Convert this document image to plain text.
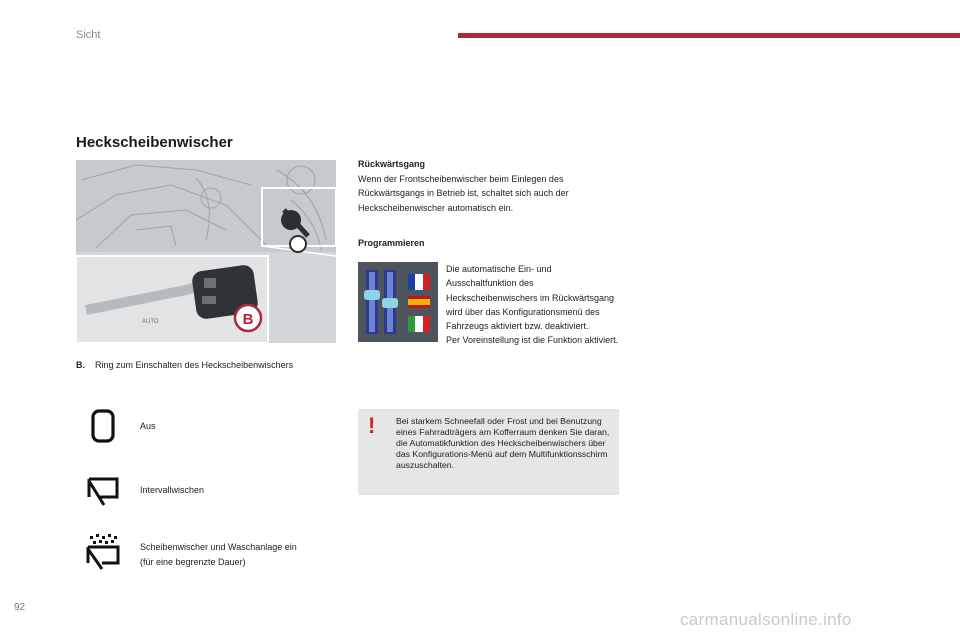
Sicht
Heckscheibenwischer
AUTO	B
B. Ring zum Einschalten des Heckscheibenwischers
Aus
Intervallwischen
Scheibenwischer und Waschanlage ein
(für eine begrenzte Dauer)
Rückwärtsgang
Wenn der Frontscheibenwischer beim Einlegen des Rückwärtsgangs in Betrieb ist, schaltet sich auch der Heckscheibenwischer automatisch ein.
Programmieren
Die automatische Ein- und Ausschaltfunktion des Heckscheibenwischers im Rückwärtsgang wird über das Konfigurationsmenü des Fahrzeugs aktiviert bzw. deaktiviert.
Per Voreinstellung ist die Funktion aktiviert.
! Bei starkem Schneefall oder Frost und bei Benutzung eines Fahrradträgers am Kofferraum denken Sie daran, die Automatikfunktion des Heckscheibenwischers über das Konfigurations-Menü auf dem Multifunktionsschirm auszuschalten.
92
carmanualsonline.info
